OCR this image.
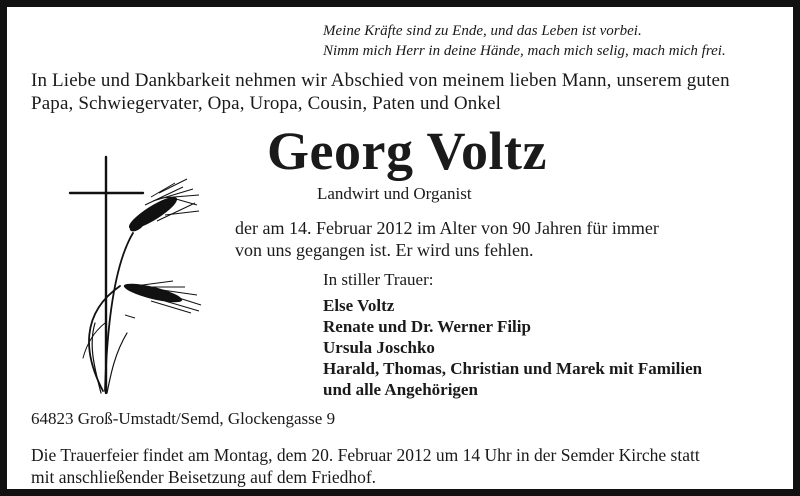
Meine Kräfte sind zu Ende, und das Leben ist vorbei.
Nimm mich Herr in deine Hände, mach mich selig, mach mich frei.
In Liebe und Dankbarkeit nehmen wir Abschied von meinem lieben Mann, unserem guten
Papa, Schwiegervater, Opa, Uropa, Cousin, Paten und Onkel
Georg Voltz
Landwirt und Organist
der am 14. Februar 2012 im Alter von 90 Jahren für immer
von uns gegangen ist. Er wird uns fehlen.
In stiller Trauer:
Else Voltz
Renate und Dr. Werner Filip
Ursula Joschko
Harald, Thomas, Christian und Marek mit Familien
und alle Angehörigen
64823 Groß-Umstadt/Semd, Glockengasse 9
Die Trauerfeier findet am Montag, dem 20. Februar 2012 um 14 Uhr in der Semder Kirche statt
mit anschließender Beisetzung auf dem Friedhof.
